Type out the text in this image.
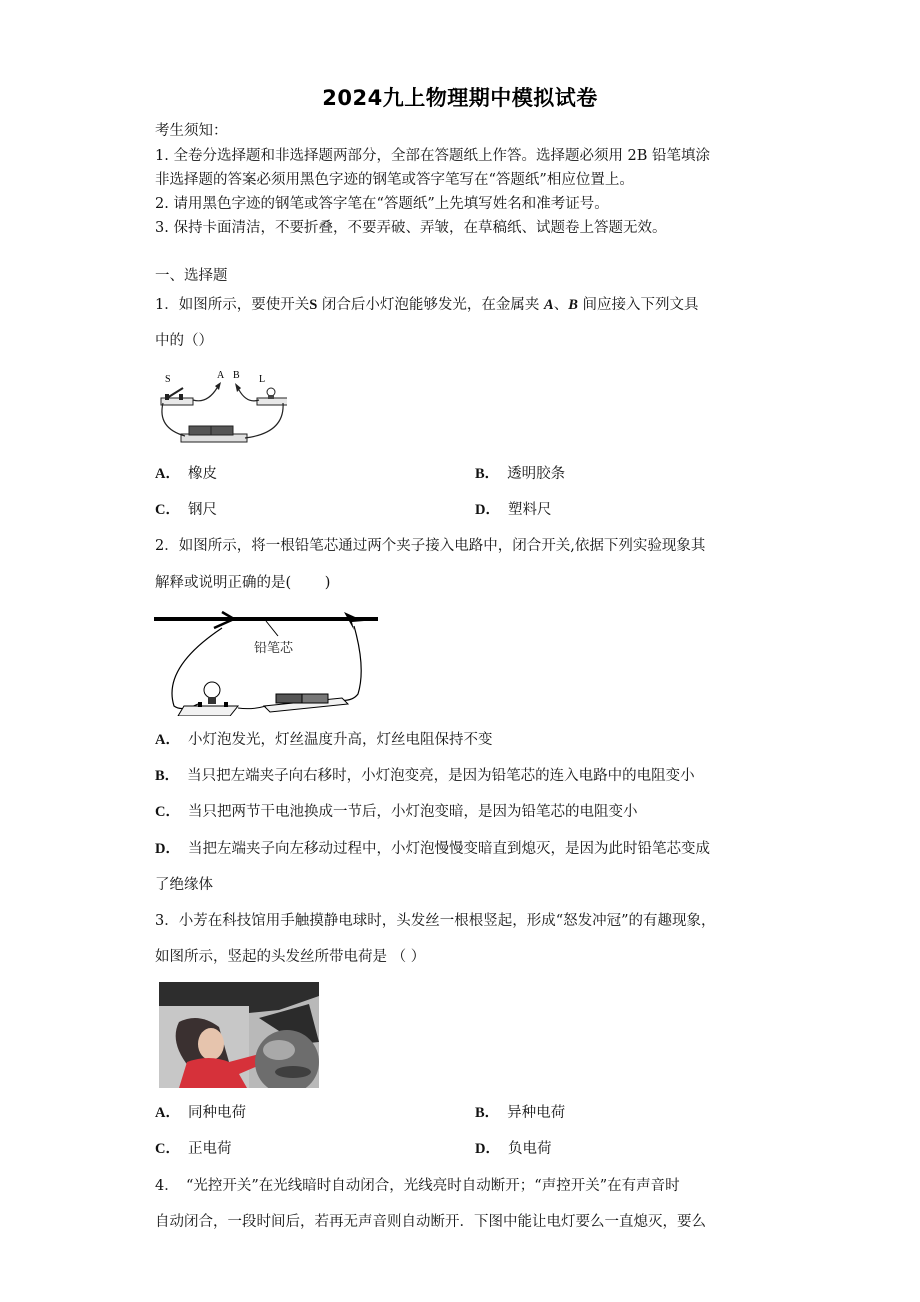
2024九上物理期中模拟试卷
考生须知：
1. 全卷分选择题和非选择题两部分，全部在答题纸上作答。选择题必须用 2B 铅笔填涂
非选择题的答案必须用黑色字迹的钢笔或答字笔写在“答题纸”相应位置上。
2. 请用黑色字迹的钢笔或答字笔在“答题纸”上先填写姓名和准考证号。
3. 保持卡面清洁，不要折叠，不要弄破、弄皱，在草稿纸、试题卷上答题无效。
一、选择题
1．如图所示，要使开关S 闭合后小灯泡能够发光，在金属夹 A、B 间应接入下列文具
中的（）
S	A B L
A． 橡皮	B． 透明胶条
C． 钢尺	D． 塑料尺
2．如图所示，将一根铅笔芯通过两个夹子接入电路中，闭合开关,依据下列实验现象其
解释或说明正确的是(　　 )
铅笔芯
A． 小灯泡发光，灯丝温度升高，灯丝电阻保持不变
B． 当只把左端夹子向右移时，小灯泡变亮，是因为铅笔芯的连入电路中的电阻变小
C． 当只把两节干电池换成一节后，小灯泡变暗，是因为铅笔芯的电阻变小
D． 当把左端夹子向左移动过程中，小灯泡慢慢变暗直到熄灭，是因为此时铅笔芯变成
了绝缘体
3．小芳在科技馆用手触摸静电球时，头发丝一根根竖起，形成“怒发冲冠”的有趣现象，
如图所示，竖起的头发丝所带电荷是 （ ）
A． 同种电荷	B． 异种电荷
C． 正电荷	D． 负电荷
4．　“光控开关”在光线暗时自动闭合，光线亮时自动断开；“声控开关”在有声音时
自动闭合，一段时间后，若再无声音则自动断开．下图中能让电灯要么一直熄灭，要么
